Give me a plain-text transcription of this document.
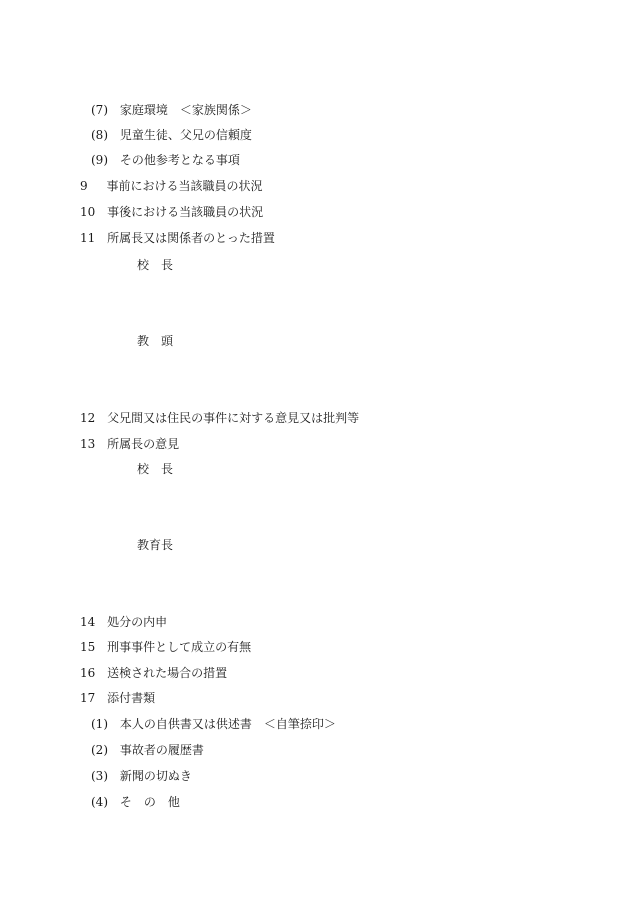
(7) 家庭環境　＜家族関係＞
(8) 児童生徒、父兄の信頼度
(9) その他参考となる事項
9 事前における当該職員の状況
10 事後における当該職員の状況
11 所属長又は関係者のとった措置
校　長
教　頭
12 父兄間又は住民の事件に対する意見又は批判等
13 所属長の意見
校　長
教育長
14 処分の内申
15 刑事事件として成立の有無
16 送検された場合の措置
17 添付書類
(1) 本人の自供書又は供述書　＜自筆捺印＞
(2) 事故者の履歴書
(3) 新聞の切ぬき
(4) そ　の　他
